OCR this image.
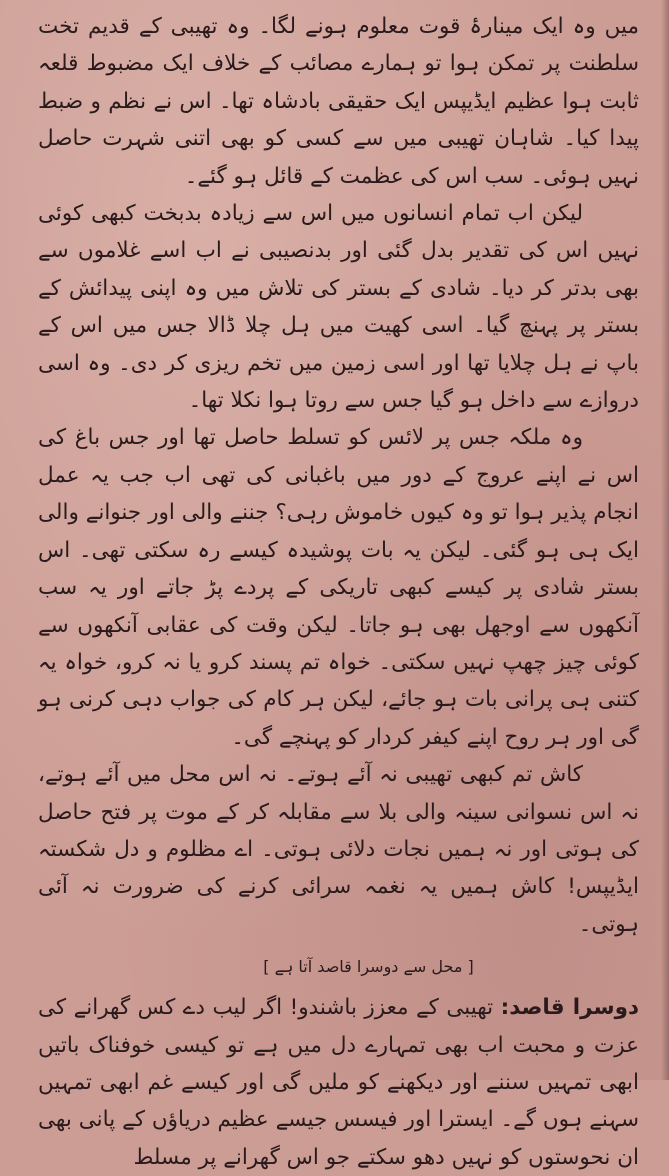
میں وہ ایک مینارۂ قوت معلوم ہونے لگا۔ وہ تھیبی کے قدیم تخت سلطنت پر تمکن ہوا تو ہمارے مصائب کے خلاف ایک مضبوط قلعہ ثابت ہوا عظیم ایڈیپس ایک حقیقی بادشاہ تھا۔ اس نے نظم و ضبط پیدا کیا۔ شاہان تھیبی میں سے کسی کو بھی اتنی شہرت حاصل نہیں ہوئی۔ سب اس کی عظمت کے قائل ہو گئے۔

لیکن اب تمام انسانوں میں اس سے زیادہ بدبخت کبھی کوئی نہیں اس کی تقدیر بدل گئی اور بدنصیبی نے اب اسے غلاموں سے بھی بدتر کر دیا۔ شادی کے بستر کی تلاش میں وہ اپنی پیدائش کے بستر پر پہنچ گیا۔ اسی کھیت میں ہل چلا ڈالا جس میں اس کے باپ نے ہل چلایا تھا اور اسی زمین میں تخم ریزی کر دی۔ وہ اسی دروازے سے داخل ہو گیا جس سے روتا ہوا نکلا تھا۔

وہ ملکہ جس پر لائس کو تسلط حاصل تھا اور جس باغ کی اس نے اپنے عروج کے دور میں باغبانی کی تھی اب جب یہ عمل انجام پذیر ہوا تو وہ کیوں خاموش رہی؟ جننے والی اور جنوانے والی ایک ہی ہو گئی۔ لیکن یہ بات پوشیدہ کیسے رہ سکتی تھی۔ اس بستر شادی پر کیسے کبھی تاریکی کے پردے پڑ جاتے اور یہ سب آنکھوں سے اوجھل بھی ہو جاتا۔ لیکن وقت کی عقابی آنکھوں سے کوئی چیز چھپ نہیں سکتی۔ خواہ تم پسند کرو یا نہ کرو، خواہ یہ کتنی ہی پرانی بات ہو جائے، لیکن ہر کام کی جواب دہی کرنی ہو گی اور ہر روح اپنے کیفر کردار کو پہنچے گی۔

کاش تم کبھی تھیبی نہ آئے ہوتے۔ نہ اس محل میں آئے ہوتے، نہ اس نسوانی سینہ والی بلا سے مقابلہ کر کے موت پر فتح حاصل کی ہوتی اور نہ ہمیں نجات دلائی ہوتی۔ اے مظلوم و دل شکستہ ایڈیپس! کاش ہمیں یہ نغمہ سرائی کرنے کی ضرورت نہ آئی ہوتی۔

[ محل سے دوسرا قاصد آتا ہے ]

دوسرا قاصد: تھیبی کے معزز باشندو! اگر لیب دے کس گھرانے کی عزت و محبت اب بھی تمہارے دل میں ہے تو کیسی خوفناک باتیں ابھی تمہیں سننے اور دیکھنے کو ملیں گی اور کیسے غم ابھی تمہیں سہنے ہوں گے۔ ایسترا اور فیسس جیسے عظیم دریاؤں کے پانی بھی ان نحوستوں کو نہیں دھو سکتے جو اس گھرانے پر مسلط
